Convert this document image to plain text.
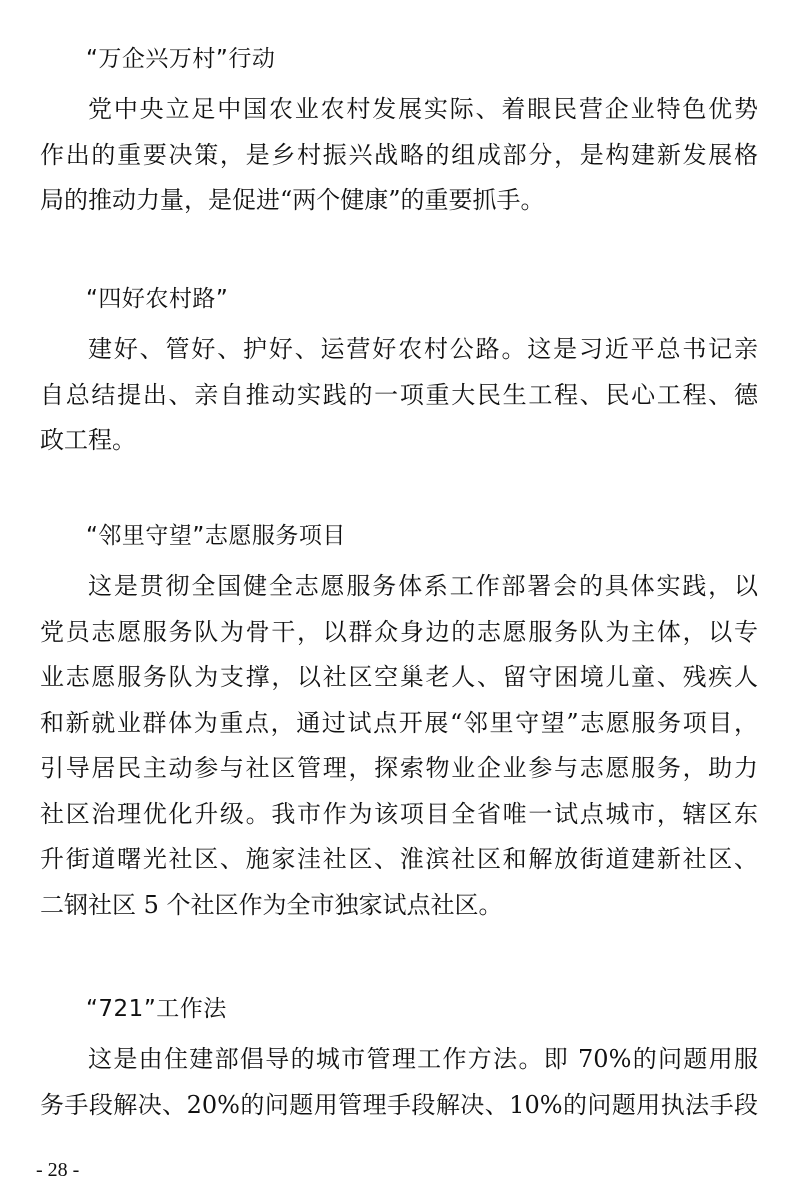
“万企兴万村”行动

党中央立足中国农业农村发展实际、着眼民营企业特色优势
作出的重要决策，是乡村振兴战略的组成部分，是构建新发展格
局的推动力量，是促进“两个健康”的重要抓手。

“四好农村路”

建好、管好、护好、运营好农村公路。这是习近平总书记亲
自总结提出、亲自推动实践的一项重大民生工程、民心工程、德
政工程。

“邻里守望”志愿服务项目

这是贯彻全国健全志愿服务体系工作部署会的具体实践，以
党员志愿服务队为骨干，以群众身边的志愿服务队为主体，以专
业志愿服务队为支撑，以社区空巢老人、留守困境儿童、残疾人
和新就业群体为重点，通过试点开展“邻里守望”志愿服务项目，
引导居民主动参与社区管理，探索物业企业参与志愿服务，助力
社区治理优化升级。我市作为该项目全省唯一试点城市，辖区东
升街道曙光社区、施家洼社区、淮滨社区和解放街道建新社区、
二钢社区 5 个社区作为全市独家试点社区。

“721”工作法

这是由住建部倡导的城市管理工作方法。即 70%的问题用服
务手段解决、20%的问题用管理手段解决、10%的问题用执法手段

- 28 -
